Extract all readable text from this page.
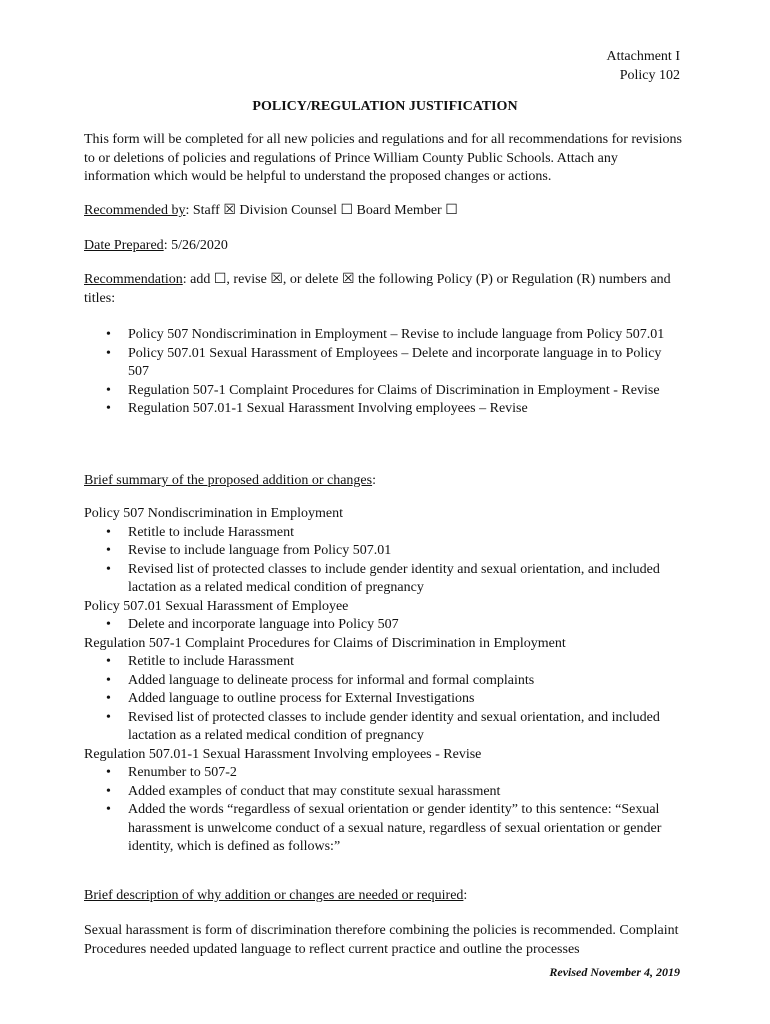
Attachment I
Policy 102
POLICY/REGULATION JUSTIFICATION
This form will be completed for all new policies and regulations and for all recommendations for revisions to or deletions of policies and regulations of Prince William County Public Schools. Attach any information which would be helpful to understand the proposed changes or actions.
Recommended by: Staff ☒ Division Counsel ☐ Board Member ☐
Date Prepared: 5/26/2020
Recommendation: add ☐, revise ☒, or delete ☒ the following Policy (P) or Regulation (R) numbers and titles:
• Policy 507 Nondiscrimination in Employment – Revise to include language from Policy 507.01
• Policy 507.01 Sexual Harassment of Employees – Delete and incorporate language in to Policy 507
• Regulation 507-1 Complaint Procedures for Claims of Discrimination in Employment - Revise
• Regulation 507.01-1 Sexual Harassment Involving employees – Revise
Brief summary of the proposed addition or changes:
Policy 507 Nondiscrimination in Employment
• Retitle to include Harassment
• Revise to include language from Policy 507.01
• Revised list of protected classes to include gender identity and sexual orientation, and included lactation as a related medical condition of pregnancy
Policy 507.01 Sexual Harassment of Employee
• Delete and incorporate language into Policy 507
Regulation 507-1 Complaint Procedures for Claims of Discrimination in Employment
• Retitle to include Harassment
• Added language to delineate process for informal and formal complaints
• Added language to outline process for External Investigations
• Revised list of protected classes to include gender identity and sexual orientation, and included lactation as a related medical condition of pregnancy
Regulation 507.01-1 Sexual Harassment Involving employees - Revise
• Renumber to 507-2
• Added examples of conduct that may constitute sexual harassment
• Added the words “regardless of sexual orientation or gender identity” to this sentence: “Sexual harassment is unwelcome conduct of a sexual nature, regardless of sexual orientation or gender identity, which is defined as follows:”
Brief description of why addition or changes are needed or required:
Sexual harassment is form of discrimination therefore combining the policies is recommended. Complaint Procedures needed updated language to reflect current practice and outline the processes
Revised November 4, 2019
